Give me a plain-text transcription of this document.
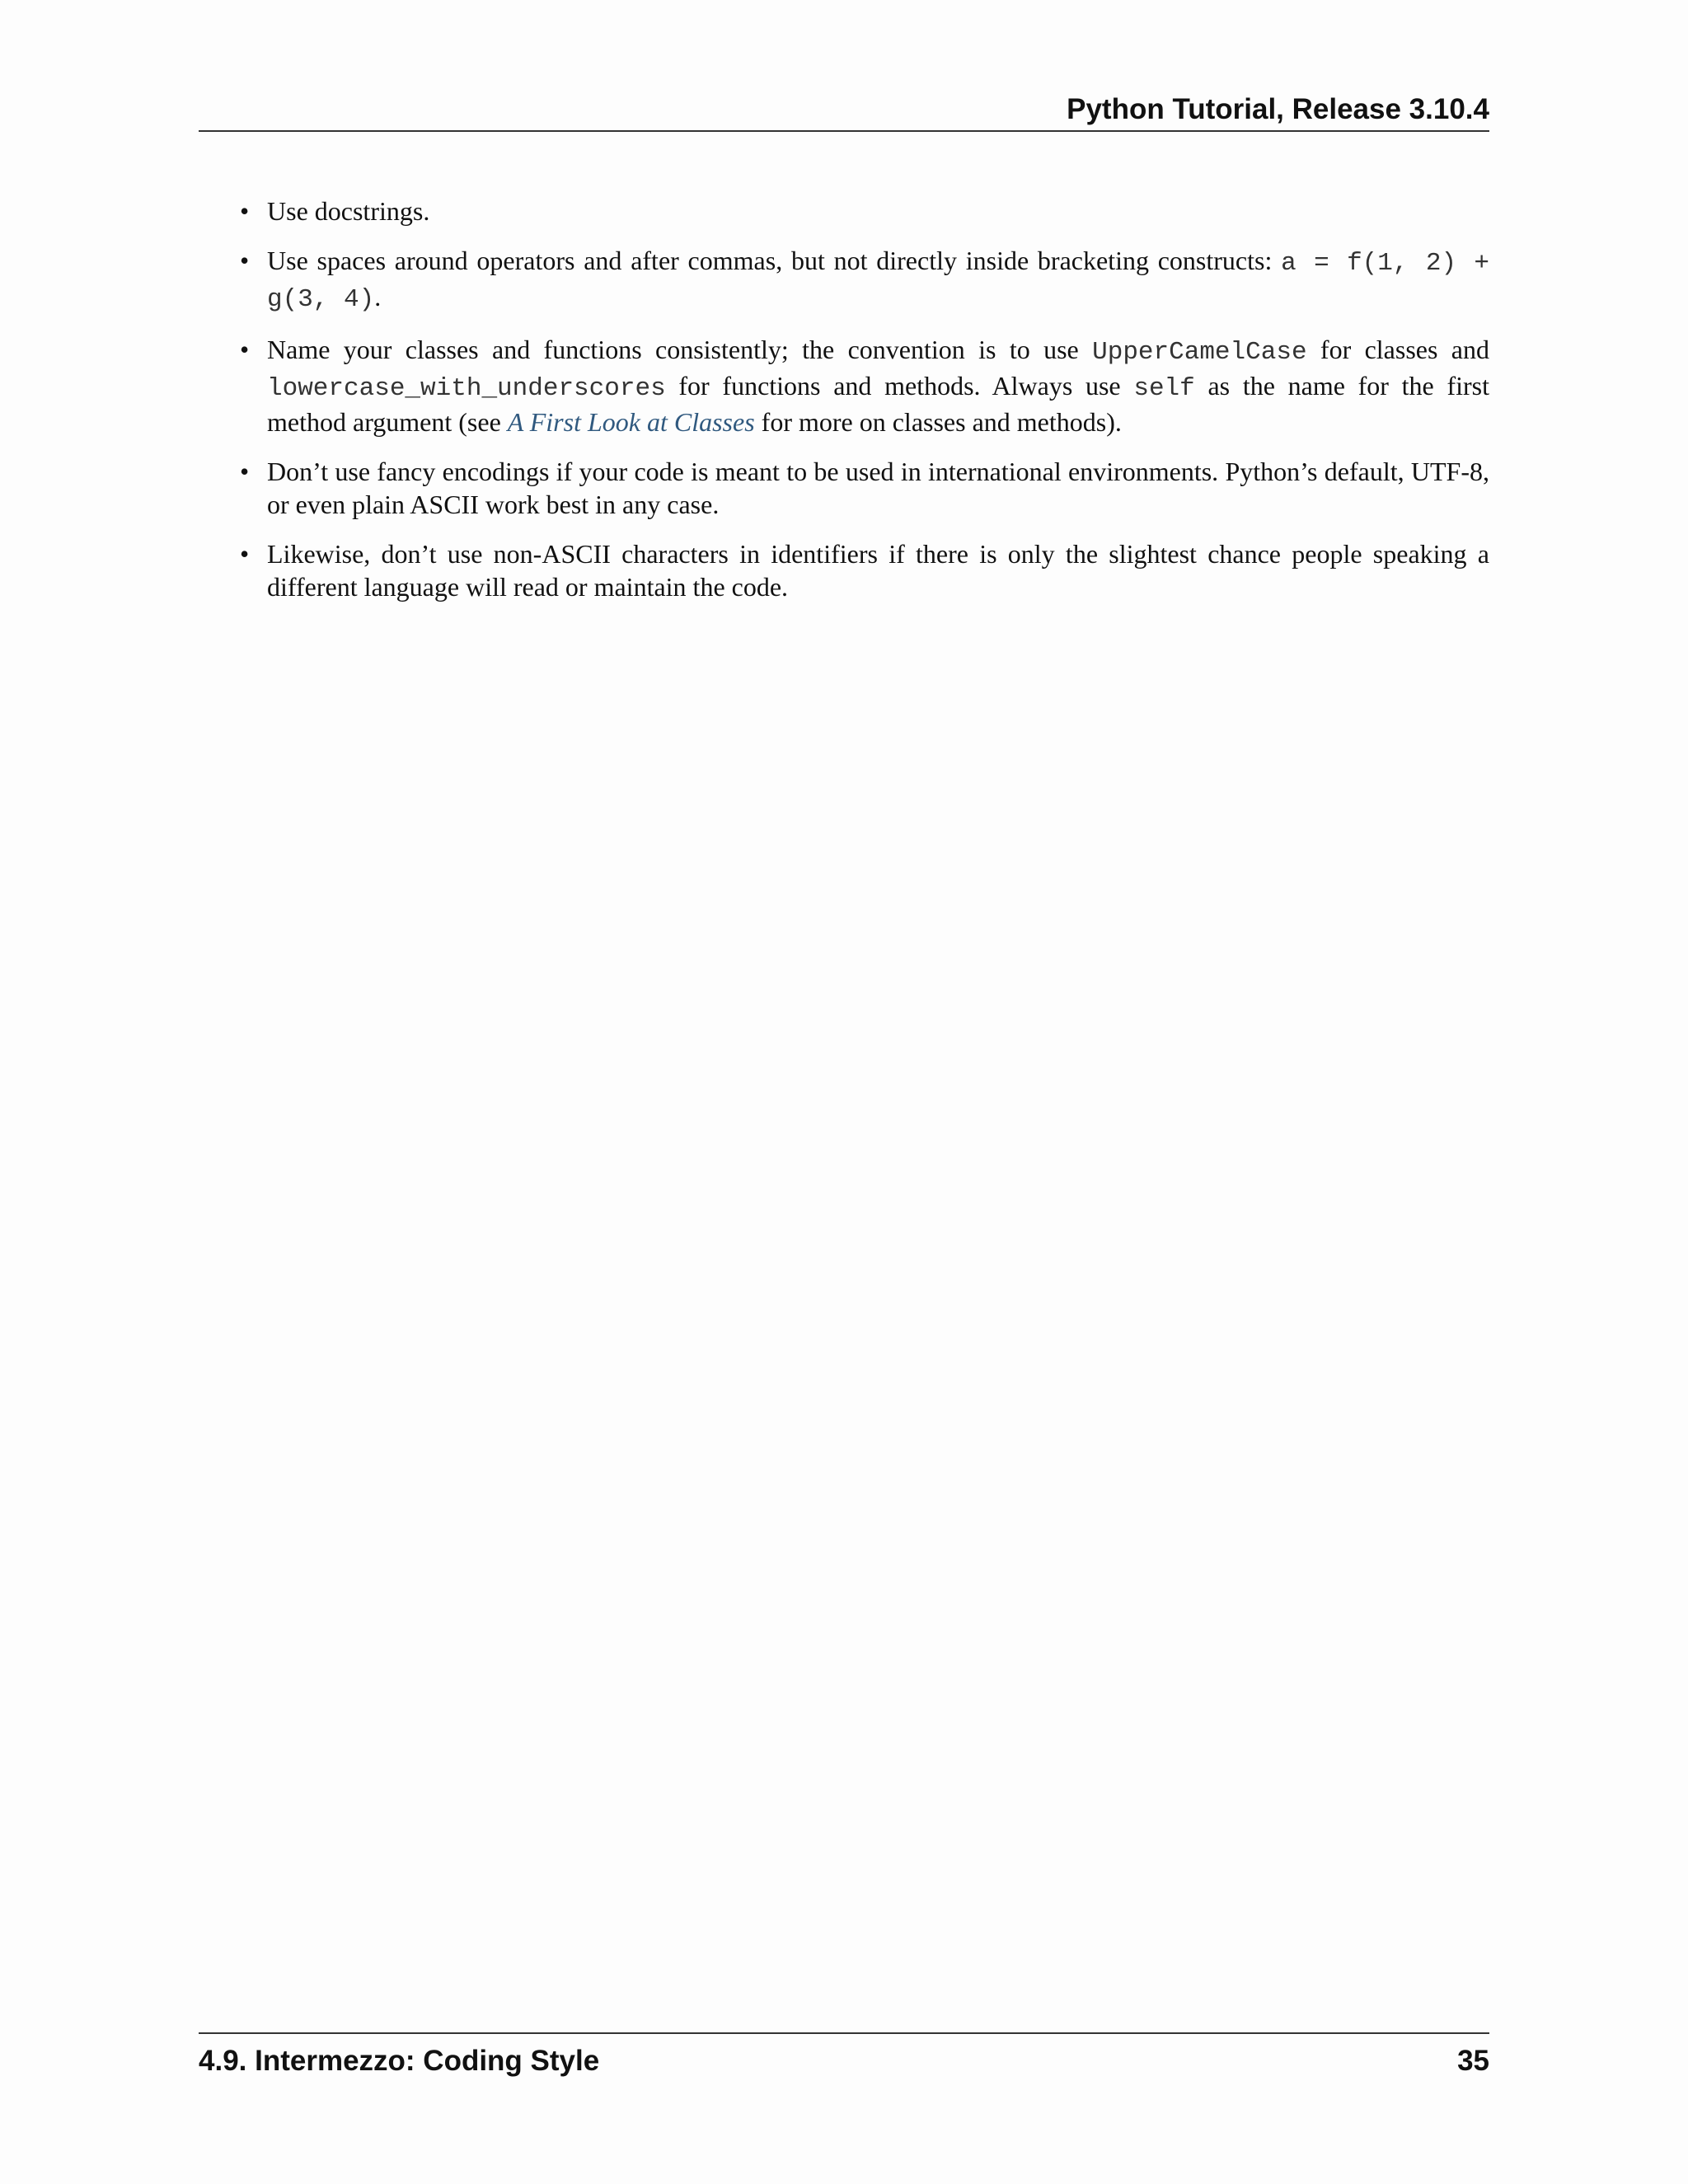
Python Tutorial, Release 3.10.4
• Use docstrings.
• Use spaces around operators and after commas, but not directly inside bracketing constructs: a = f(1, 2) + g(3, 4).
• Name your classes and functions consistently; the convention is to use UpperCamelCase for classes and lowercase_with_underscores for functions and methods. Always use self as the name for the first method argument (see A First Look at Classes for more on classes and methods).
• Don’t use fancy encodings if your code is meant to be used in international environments. Python’s default, UTF-8, or even plain ASCII work best in any case.
• Likewise, don’t use non-ASCII characters in identifiers if there is only the slightest chance people speaking a different language will read or maintain the code.
4.9. Intermezzo: Coding Style	35
